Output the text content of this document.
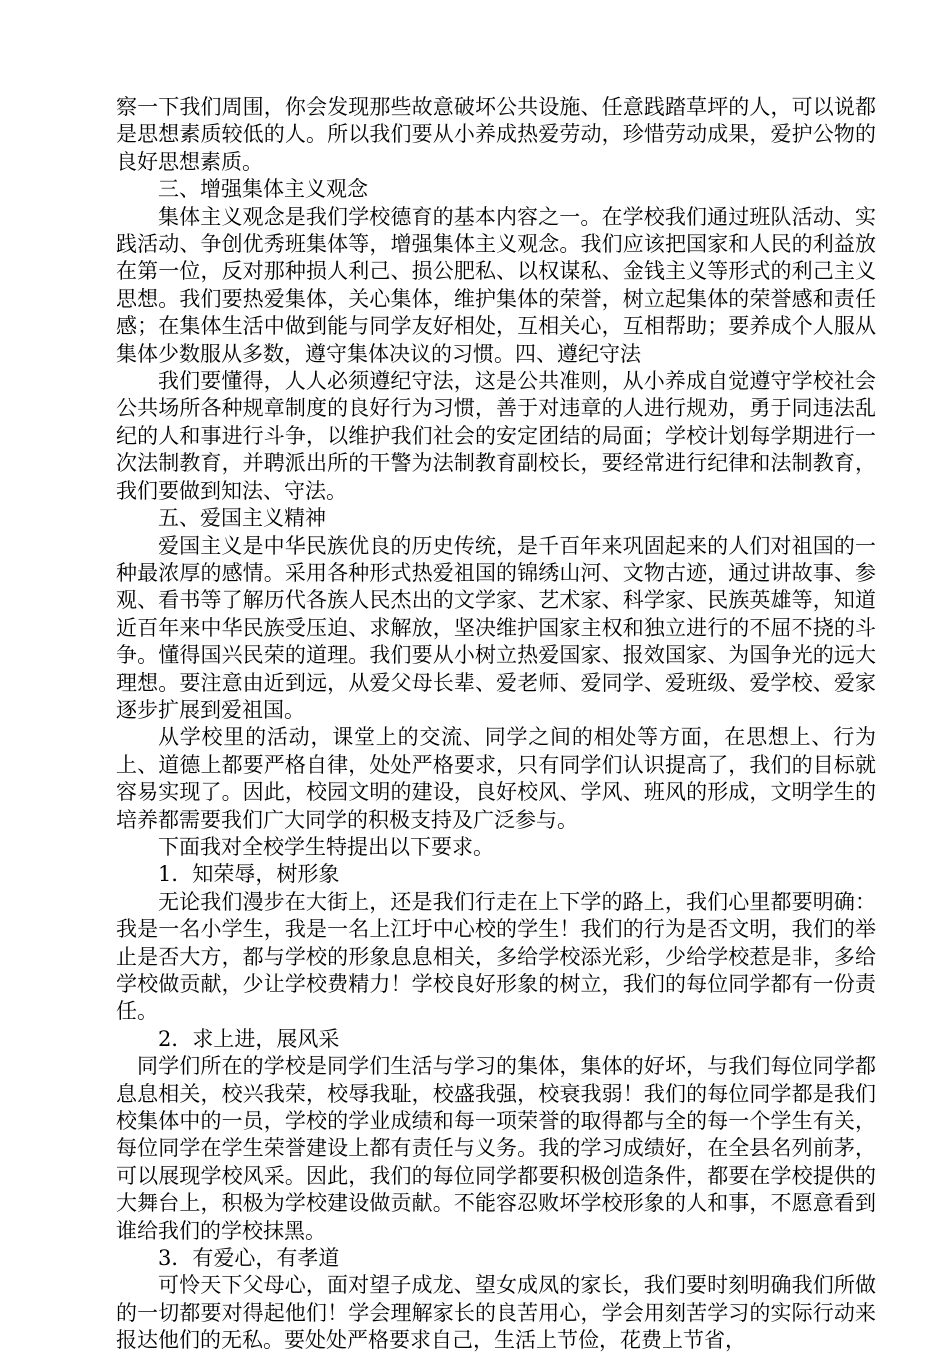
察一下我们周围，你会发现那些故意破坏公共设施、任意践踏草坪的人，可以说都是思想素质较低的人。所以我们要从小养成热爱劳动，珍惜劳动成果，爱护公物的良好思想素质。

三、增强集体主义观念

集体主义观念是我们学校德育的基本内容之一。在学校我们通过班队活动、实践活动、争创优秀班集体等，增强集体主义观念。我们应该把国家和人民的利益放在第一位，反对那种损人利己、损公肥私、以权谋私、金钱主义等形式的利己主义思想。我们要热爱集体，关心集体，维护集体的荣誉，树立起集体的荣誉感和责任感；在集体生活中做到能与同学友好相处，互相关心，互相帮助；要养成个人服从集体少数服从多数，遵守集体决议的习惯。四、遵纪守法

我们要懂得，人人必须遵纪守法，这是公共准则，从小养成自觉遵守学校社会公共场所各种规章制度的良好行为习惯，善于对违章的人进行规劝，勇于同违法乱纪的人和事进行斗争，以维护我们社会的安定团结的局面；学校计划每学期进行一次法制教育，并聘派出所的干警为法制教育副校长，要经常进行纪律和法制教育，我们要做到知法、守法。

五、爱国主义精神

爱国主义是中华民族优良的历史传统，是千百年来巩固起来的人们对祖国的一种最浓厚的感情。采用各种形式热爱祖国的锦绣山河、文物古迹，通过讲故事、参观、看书等了解历代各族人民杰出的文学家、艺术家、科学家、民族英雄等，知道近百年来中华民族受压迫、求解放，坚决维护国家主权和独立进行的不屈不挠的斗争。懂得国兴民荣的道理。我们要从小树立热爱国家、报效国家、为国争光的远大理想。要注意由近到远，从爱父母长辈、爱老师、爱同学、爱班级、爱学校、爱家逐步扩展到爱祖国。

从学校里的活动，课堂上的交流、同学之间的相处等方面，在思想上、行为上、道德上都要严格自律，处处严格要求，只有同学们认识提高了，我们的目标就容易实现了。因此，校园文明的建设，良好校风、学风、班风的形成，文明学生的培养都需要我们广大同学的积极支持及广泛参与。

下面我对全校学生特提出以下要求。

1．知荣辱，树形象

无论我们漫步在大街上，还是我们行走在上下学的路上，我们心里都要明确：我是一名小学生，我是一名上江圩中心校的学生！我们的行为是否文明，我们的举止是否大方，都与学校的形象息息相关，多给学校添光彩，少给学校惹是非，多给学校做贡献，少让学校费精力！学校良好形象的树立，我们的每位同学都有一份责任。

2．求上进，展风采

同学们所在的学校是同学们生活与学习的集体，集体的好坏，与我们每位同学都息息相关，校兴我荣，校辱我耻，校盛我强，校衰我弱！我们的每位同学都是我们校集体中的一员，学校的学业成绩和每一项荣誉的取得都与全的每一个学生有关，每位同学在学生荣誉建设上都有责任与义务。我的学习成绩好，在全县名列前茅，可以展现学校风采。因此，我们的每位同学都要积极创造条件，都要在学校提供的大舞台上，积极为学校建设做贡献。不能容忍败坏学校形象的人和事，不愿意看到谁给我们的学校抹黑。

3．有爱心，有孝道

可怜天下父母心，面对望子成龙、望女成凤的家长，我们要时刻明确我们所做的一切都要对得起他们！学会理解家长的良苦用心，学会用刻苦学习的实际行动来报达他们的无私。要处处严格要求自己，生活上节俭，花费上节省，
